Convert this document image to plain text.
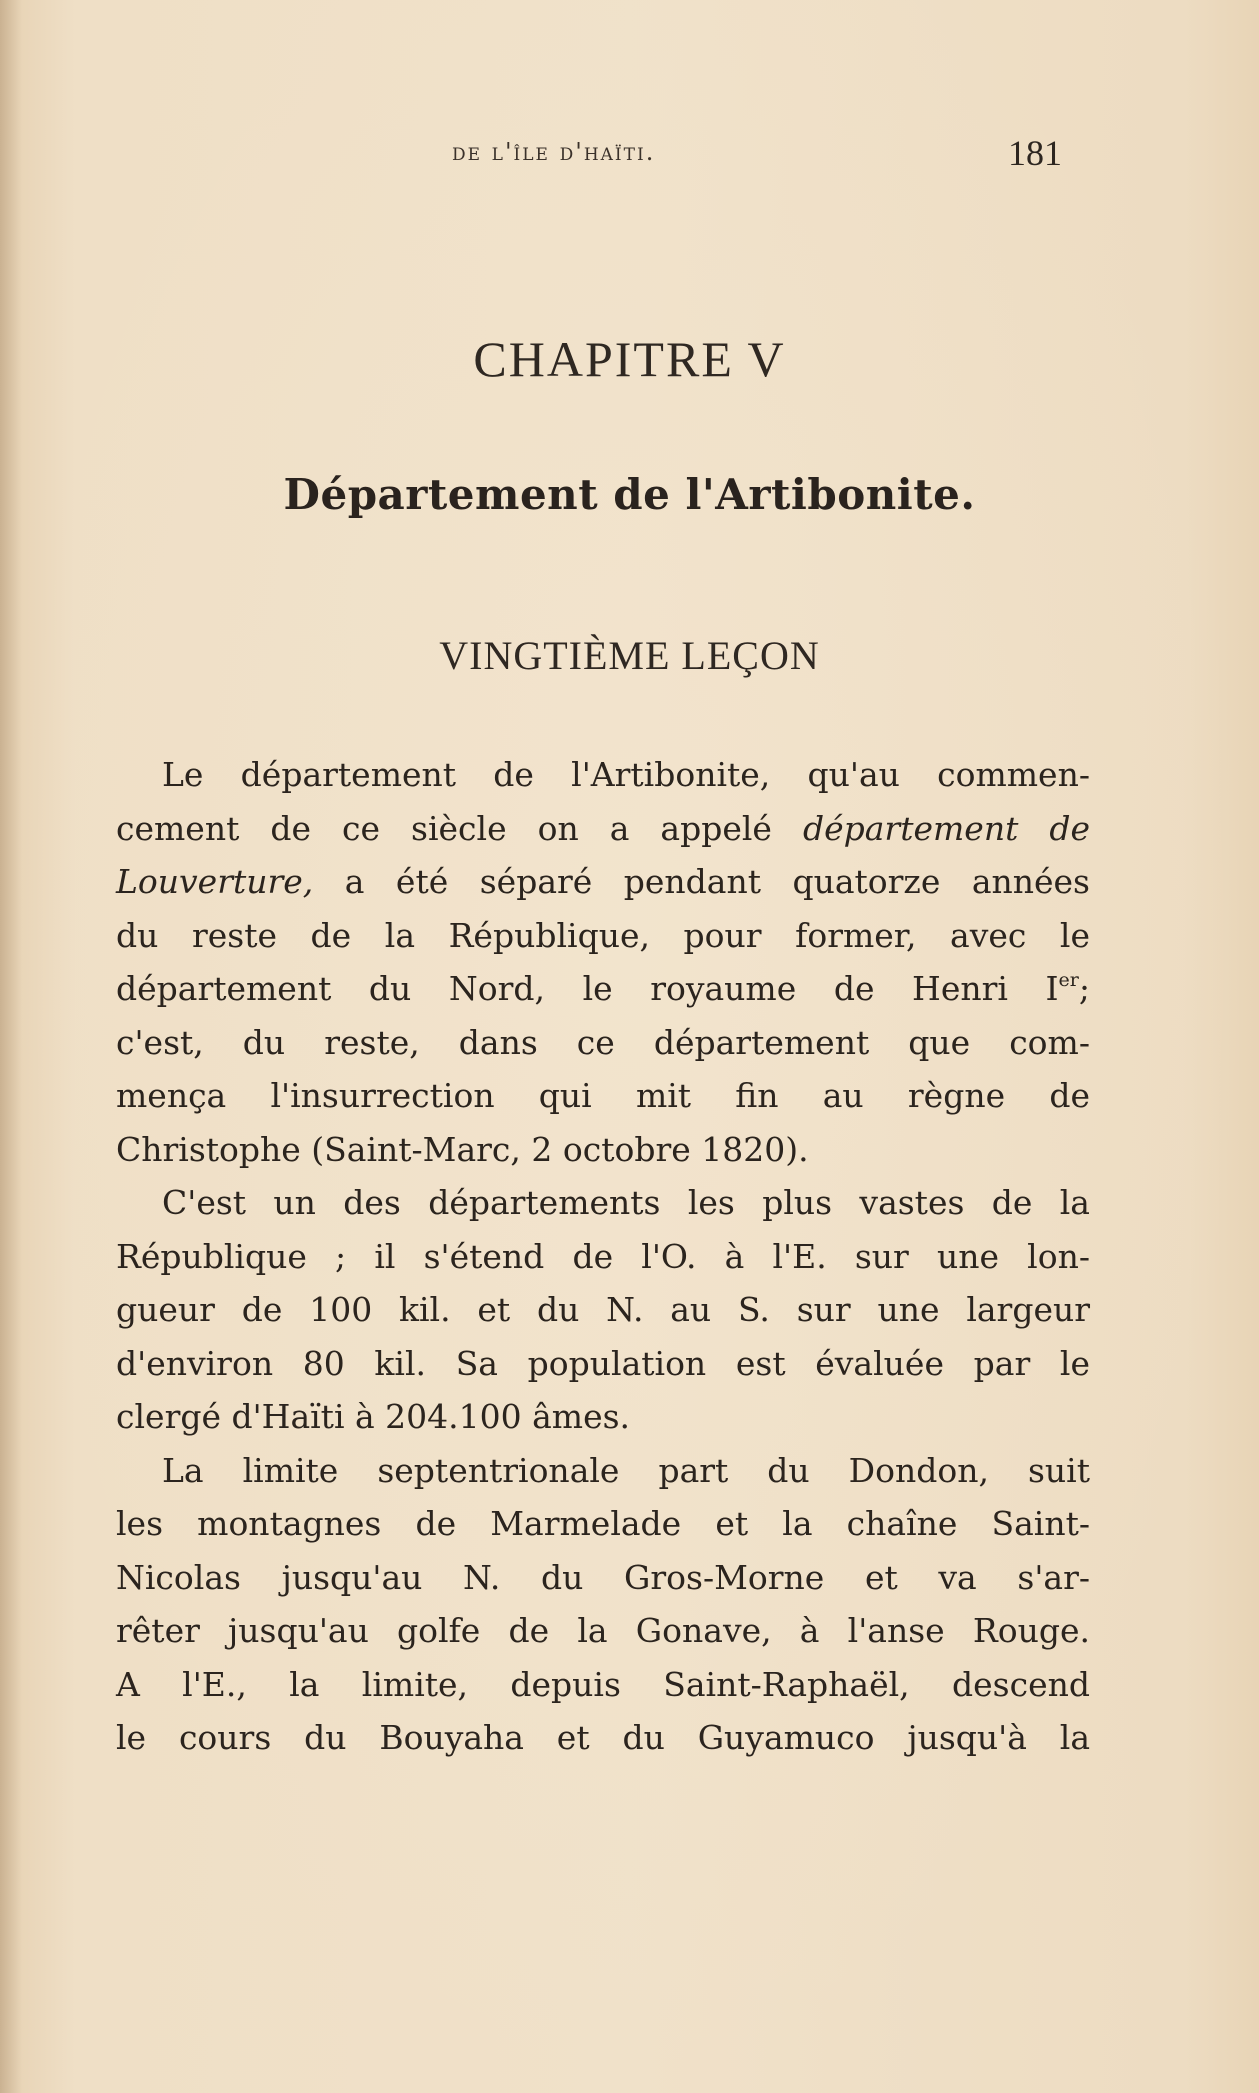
de l'île d'haïti.	181
CHAPITRE V
Département de l'Artibonite.
VINGTIÈME LEÇON
Le département de l'Artibonite, qu'au commen-
cement de ce siècle on a appelé département de
Louverture, a été séparé pendant quatorze années
du reste de la République, pour former, avec le
département du Nord, le royaume de Henri Ier;
c'est, du reste, dans ce département que com-
mença l'insurrection qui mit fin au règne de
Christophe (Saint-Marc, 2 octobre 1820).
C'est un des départements les plus vastes de la
République ; il s'étend de l'O. à l'E. sur une lon-
gueur de 100 kil. et du N. au S. sur une largeur
d'environ 80 kil. Sa population est évaluée par le
clergé d'Haïti à 204.100 âmes.
La limite septentrionale part du Dondon, suit
les montagnes de Marmelade et la chaîne Saint-
Nicolas jusqu'au N. du Gros-Morne et va s'ar-
rêter jusqu'au golfe de la Gonave, à l'anse Rouge.
A l'E., la limite, depuis Saint-Raphaël, descend
le cours du Bouyaha et du Guyamuco jusqu'à la
